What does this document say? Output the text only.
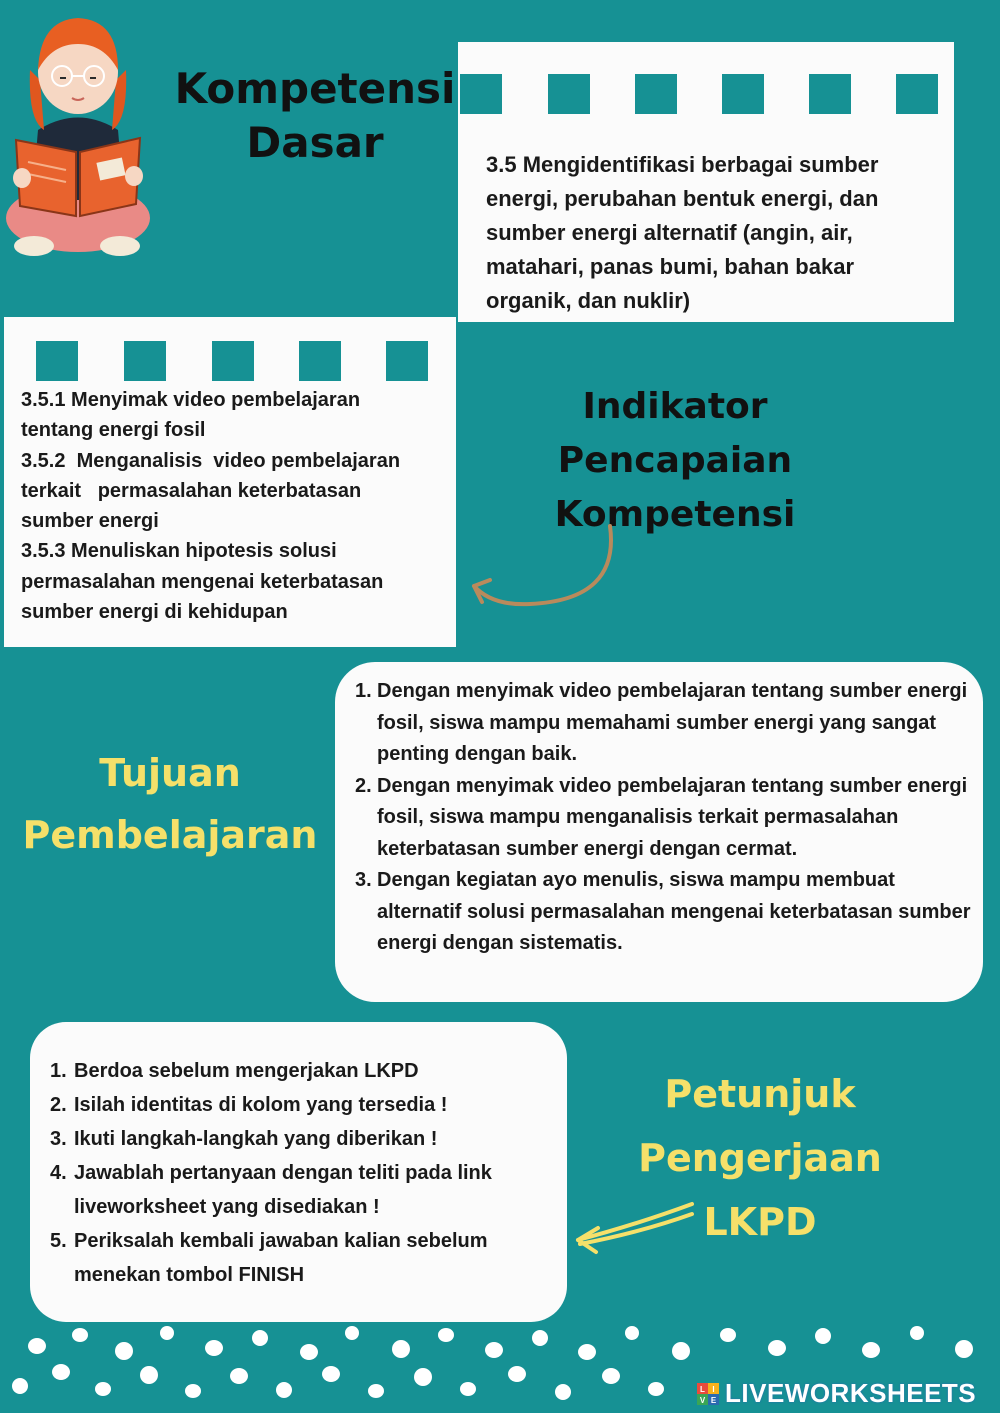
Kompetensi
Dasar	3.5 Mengidentifikasi berbagai sumber energi, perubahan bentuk energi, dan sumber energi alternatif (angin, air, matahari, panas bumi, bahan bakar organik, dan nuklir)
3.5.1 Menyimak video pembelajaran
tentang energi fosil
3.5.2  Menganalisis  video pembelajaran
terkait   permasalahan keterbatasan
sumber energi
3.5.3 Menuliskan hipotesis solusi
permasalahan mengenai keterbatasan
sumber energi di kehidupan
Indikator
Pencapaian
Kompetensi
Tujuan
Pembelajaran
1. Dengan menyimak video pembelajaran tentang sumber energi fosil, siswa mampu memahami sumber energi yang sangat penting dengan baik.
2. Dengan menyimak video pembelajaran tentang sumber energi fosil, siswa mampu menganalisis terkait permasalahan keterbatasan sumber energi dengan cermat.
3. Dengan kegiatan ayo menulis, siswa mampu membuat alternatif solusi permasalahan mengenai keterbatasan sumber energi dengan sistematis.
1. Berdoa sebelum mengerjakan LKPD
2. Isilah identitas di kolom yang tersedia !
3. Ikuti langkah-langkah yang diberikan !
4. Jawablah pertanyaan dengan teliti pada link liveworksheet yang disediakan !
5. Periksalah kembali jawaban kalian sebelum menekan tombol FINISH
Petunjuk
Pengerjaan
LKPD
L I
V E LIVEWORKSHEETS
